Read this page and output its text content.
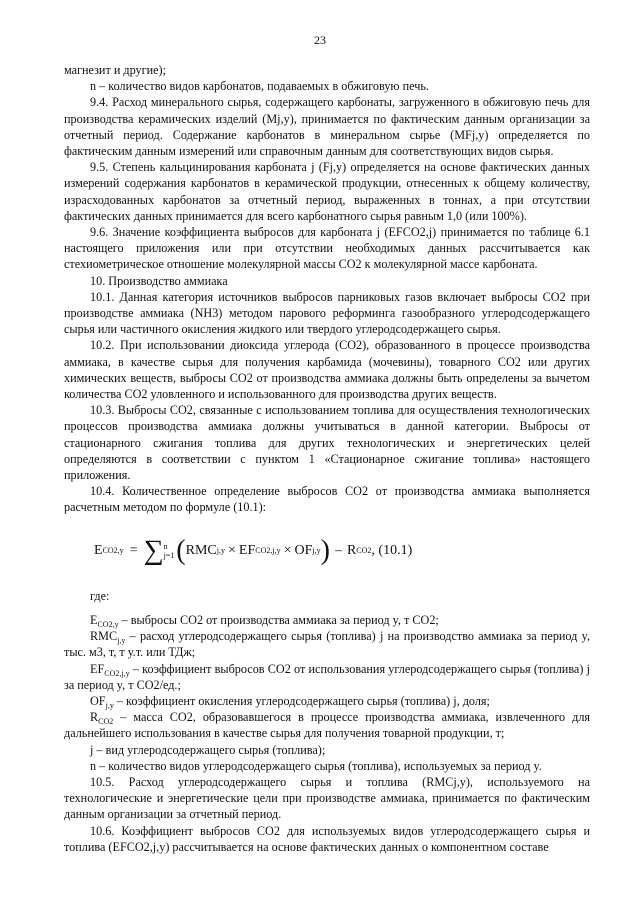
23

магнезит и другие);

n – количество видов карбонатов, подаваемых в обжиговую печь.

9.4. Расход минерального сырья, содержащего карбонаты, загруженного в обжиговую печь для производства керамических изделий (Mj,y), принимается по фактическим данным организации за отчетный период. Содержание карбонатов в минеральном сырье (MFj,y) определяется по фактическим данным измерений или справочным данным для соответствующих видов сырья.

9.5. Степень кальцинирования карбоната j (Fj,y) определяется на основе фактических данных измерений содержания карбонатов в керамической продукции, отнесенных к общему количеству, израсходованных карбонатов за отчетный период, выраженных в тоннах, а при отсутствии фактических данных принимается для всего карбонатного сырья равным 1,0 (или 100%).

9.6. Значение коэффициента выбросов для карбоната j (EFCO2,j) принимается по таблице 6.1 настоящего приложения или при отсутствии необходимых данных рассчитывается как стехиометрическое отношение молекулярной массы CO2 к молекулярной массе карбоната.

10. Производство аммиака

10.1. Данная категория источников выбросов парниковых газов включает выбросы CO2 при производстве аммиака (NH3) методом парового реформинга газообразного углеродсодержащего сырья или частичного окисления жидкого или твердого углеродсодержащего сырья.

10.2. При использовании диоксида углерода (CO2), образованного в процессе производства аммиака, в качестве сырья для получения карбамида (мочевины), товарного CO2 или других химических веществ, выбросы CO2 от производства аммиака должны быть определены за вычетом количества CO2 уловленного и использованного для производства других веществ.

10.3. Выбросы CO2, связанные с использованием топлива для осуществления технологических процессов производства аммиака должны учитываться в данной категории. Выбросы от стационарного сжигания топлива для других технологических и энергетических целей определяются в соответствии с пунктом 1 «Стационарное сжигание топлива» настоящего приложения.

10.4. Количественное определение выбросов CO2 от производства аммиака выполняется расчетным методом по формуле (10.1):

E CO2,y = ∑ n
j=1 ( RMC j,y × EF CO2,j,y × OF j,y ) – R CO2 , (10.1)

где:

$E_{CO2,y}$ – выбросы CO2 от производства аммиака за период y, т CO2;

$RMC_{j,y}$ – расход углеродсодержащего сырья (топлива) j на производство аммиака за период y, тыс. м3, т, т у.т. или ТДж;

$EF_{CO2,j,y}$ – коэффициент выбросов CO2 от использования углеродсодержащего сырья (топлива) j за период y, т CO2/ед.;

$OF_{j,y}$ – коэффициент окисления углеродсодержащего сырья (топлива) j, доля;

$R_{CO2}$ – масса CO2, образовавшегося в процессе производства аммиака, извлеченного для дальнейшего использования в качестве сырья для получения товарной продукции, т;

j – вид углеродсодержащего сырья (топлива);

n – количество видов углеродсодержащего сырья (топлива), используемых за период y.

10.5. Расход углеродсодержащего сырья и топлива (RMCj,y), используемого на технологические и энергетические цели при производстве аммиака, принимается по фактическим данным организации за отчетный период.

10.6. Коэффициент выбросов CO2 для используемых видов углеродсодержащего сырья и топлива (EFCO2,j,y) рассчитывается на основе фактических данных о компонентном составе
